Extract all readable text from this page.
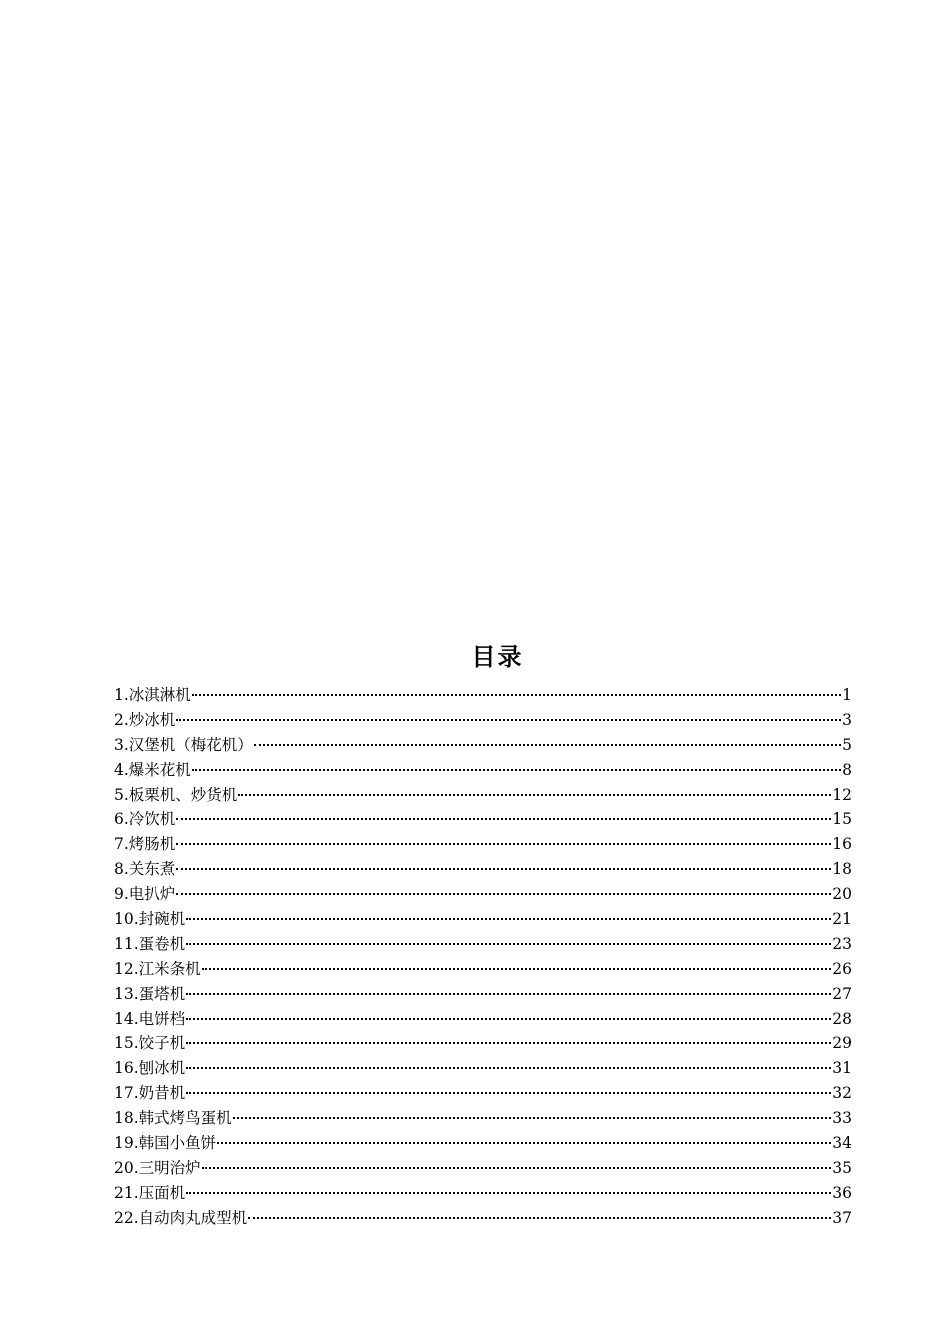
目录
1.冰淇淋机	1
2.炒冰机	3
3.汉堡机（梅花机）	5
4.爆米花机	8
5.板栗机、炒货机	12
6.冷饮机	15
7.烤肠机	16
8.关东煮	18
9.电扒炉	20
10.封碗机	21
11.蛋卷机	23
12.江米条机	26
13.蛋塔机	27
14.电饼档	28
15.饺子机	29
16.刨冰机	31
17.奶昔机	32
18.韩式烤鸟蛋机	33
19.韩国小鱼饼	34
20.三明治炉	35
21.压面机	36
22.自动肉丸成型机	37
